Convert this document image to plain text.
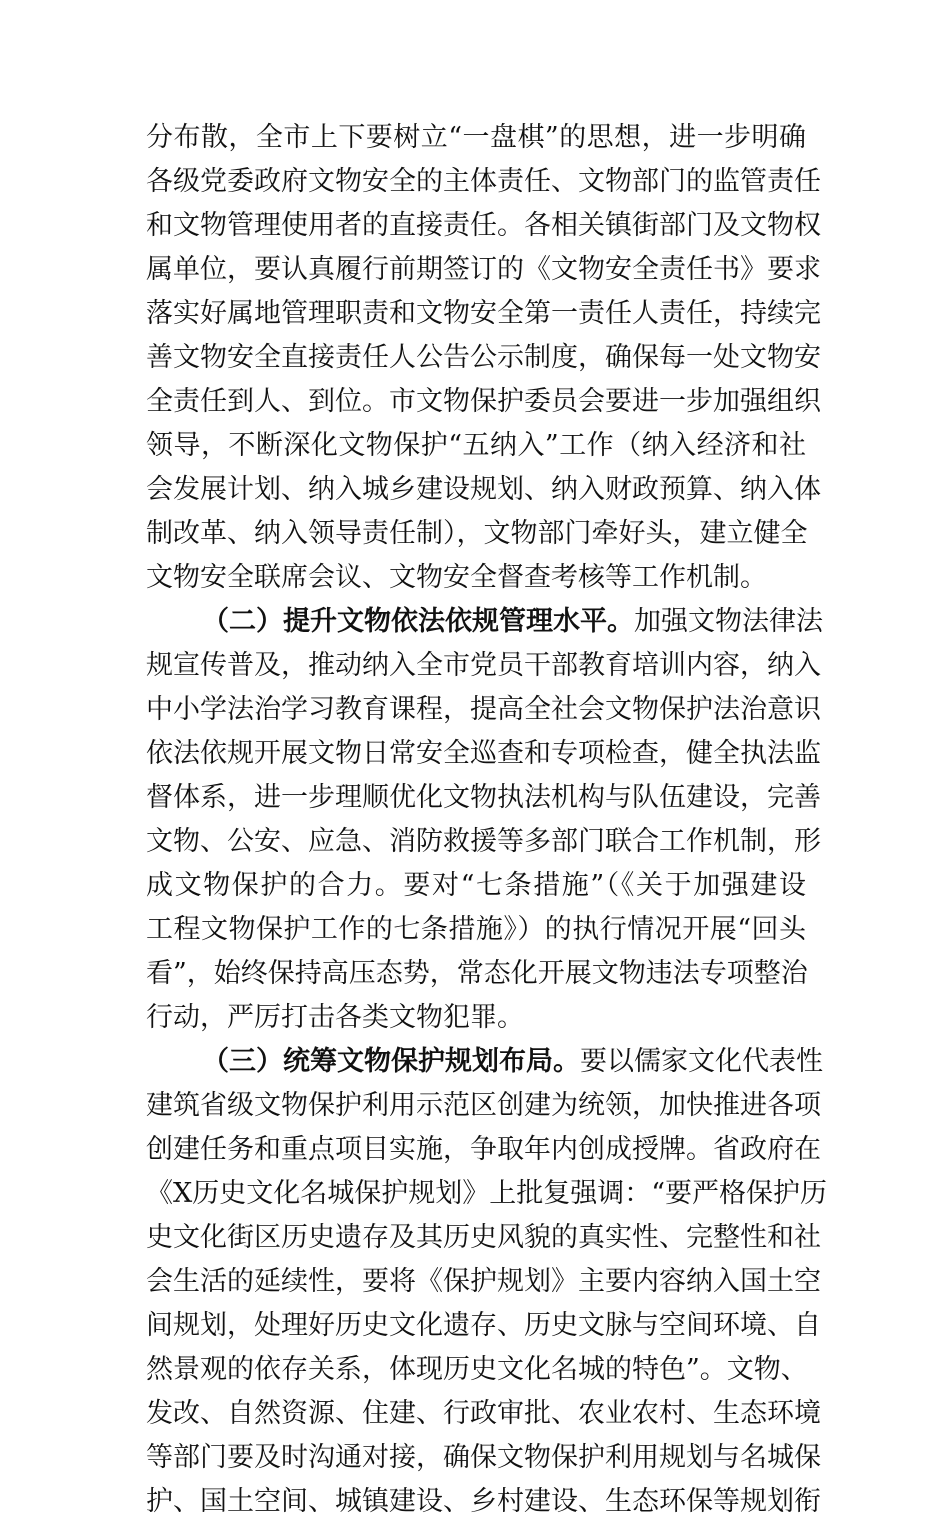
分布散，全市上下要树立“一盘棋”的思想，进一步明确
各级党委政府文物安全的主体责任、文物部门的监管责任
和文物管理使用者的直接责任。各相关镇街部门及文物权
属单位，要认真履行前期签订的《文物安全责任书》要求
落实好属地管理职责和文物安全第一责任人责任，持续完
善文物安全直接责任人公告公示制度，确保每一处文物安
全责任到人、到位。市文物保护委员会要进一步加强组织
领导，不断深化文物保护“五纳入”工作（纳入经济和社
会发展计划、纳入城乡建设规划、纳入财政预算、纳入体
制改革、纳入领导责任制），文物部门牵好头，建立健全
文物安全联席会议、文物安全督查考核等工作机制。
（二）提升文物依法依规管理水平。加强文物法律法
规宣传普及，推动纳入全市党员干部教育培训内容，纳入
中小学法治学习教育课程，提高全社会文物保护法治意识
依法依规开展文物日常安全巡查和专项检查，健全执法监
督体系，进一步理顺优化文物执法机构与队伍建设，完善
文物、公安、应急、消防救援等多部门联合工作机制，形
成文物保护的合力。要对“七条措施”（《关于加强建设
工程文物保护工作的七条措施》）的执行情况开展“回头
看”，始终保持高压态势，常态化开展文物违法专项整治
行动，严厉打击各类文物犯罪。
（三）统筹文物保护规划布局。要以儒家文化代表性
建筑省级文物保护利用示范区创建为统领，加快推进各项
创建任务和重点项目实施，争取年内创成授牌。省政府在
《X历史文化名城保护规划》上批复强调：“要严格保护历
史文化街区历史遗存及其历史风貌的真实性、完整性和社
会生活的延续性，要将《保护规划》主要内容纳入国土空
间规划，处理好历史文化遗存、历史文脉与空间环境、自
然景观的依存关系，体现历史文化名城的特色”。文物、
发改、自然资源、住建、行政审批、农业农村、生态环境
等部门要及时沟通对接，确保文物保护利用规划与名城保
护、国土空间、城镇建设、乡村建设、生态环保等规划衔
